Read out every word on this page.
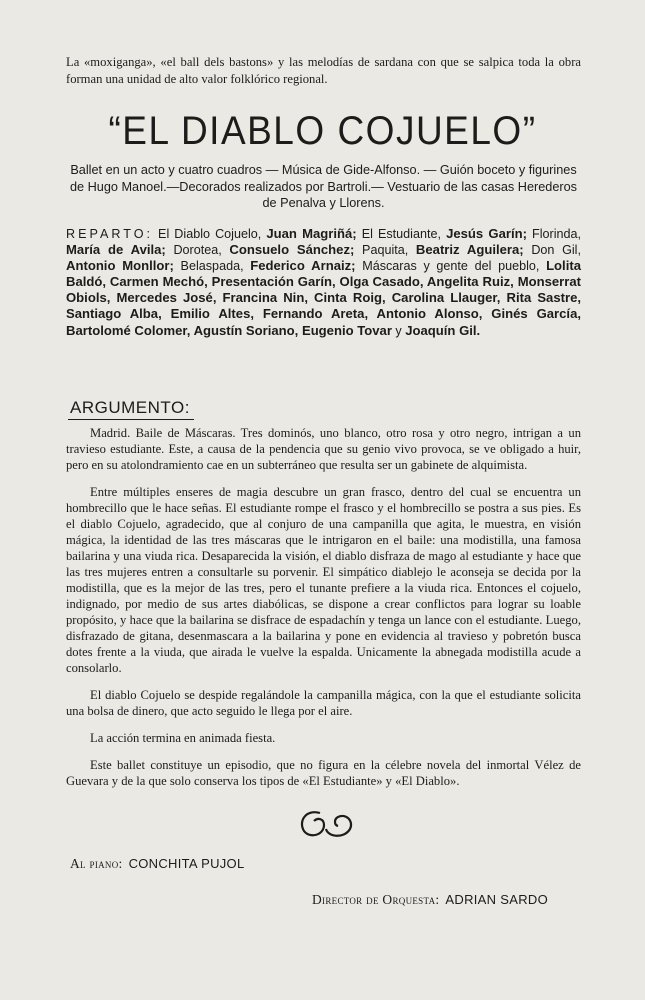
La «moxiganga», «el ball dels bastons» y las melodías de sardana con que se salpica toda la obra forman una unidad de alto valor folklórico regional.
“EL DIABLO COJUELO”
Ballet en un acto y cuatro cuadros — Música de Gide-Alfonso. — Guión boceto y figurines de Hugo Manoel.—Decorados realizados por Bartroli.— Vestuario de las casas Herederos de Penalva y Llorens.
REPARTO: El Diablo Cojuelo, Juan Magriñá; El Estudiante, Jesús Garín; Florinda, María de Avila; Dorotea, Consuelo Sánchez; Paquita, Beatriz Aguilera; Don Gil, Antonio Monllor; Belaspada, Federico Arnaiz; Máscaras y gente del pueblo, Lolita Baldó, Carmen Mechó, Presentación Garín, Olga Casado, Angelita Ruiz, Monserrat Obiols, Mercedes José, Francina Nin, Cinta Roig, Carolina Llauger, Rita Sastre, Santiago Alba, Emilio Altes, Fernando Areta, Antonio Alonso, Ginés García, Bartolomé Colomer, Agustín Soriano, Eugenio Tovar y Joaquín Gil.
ARGUMENTO:

Madrid. Baile de Máscaras. Tres dominós, uno blanco, otro rosa y otro negro, intrigan a un travieso estudiante. Este, a causa de la pendencia que su genio vivo provoca, se ve obligado a huir, pero en su atolondramiento cae en un subterráneo que resulta ser un gabinete de alquimista.

Entre múltiples enseres de magia descubre un gran frasco, dentro del cual se encuentra un hombrecillo que le hace señas. El estudiante rompe el frasco y el hombrecillo se postra a sus pies. Es el diablo Cojuelo, agradecido, que al conjuro de una campanilla que agita, le muestra, en visión mágica, la identidad de las tres máscaras que le intrigaron en el baile: una modistilla, una famosa bailarina y una viuda rica. Desaparecida la visión, el diablo disfraza de mago al estudiante y hace que las tres mujeres entren a consultarle su porvenir. El simpático diablejo le aconseja se decida por la modistilla, que es la mejor de las tres, pero el tunante prefiere a la viuda rica. Entonces el cojuelo, indignado, por medio de sus artes diabólicas, se dispone a crear conflictos para lograr su loable propósito, y hace que la bailarina se disfrace de espadachín y tenga un lance con el estudiante. Luego, disfrazado de gitana, desenmascara a la bailarina y pone en evidencia al travieso y pobretón busca dotes frente a la viuda, que airada le vuelve la espalda. Unicamente la abnegada modistilla acude a consolarlo.

El diablo Cojuelo se despide regalándole la campanilla mágica, con la que el estudiante solicita una bolsa de dinero, que acto seguido le llega por el aire.

La acción termina en animada fiesta.

Este ballet constituye un episodio, que no figura en la célebre novela del inmortal Vélez de Guevara y de la que solo conserva los tipos de «El Estudiante» y «El Diablo».

Al piano: CONCHITA PUJOL
Director de Orquesta: ADRIAN SARDO
